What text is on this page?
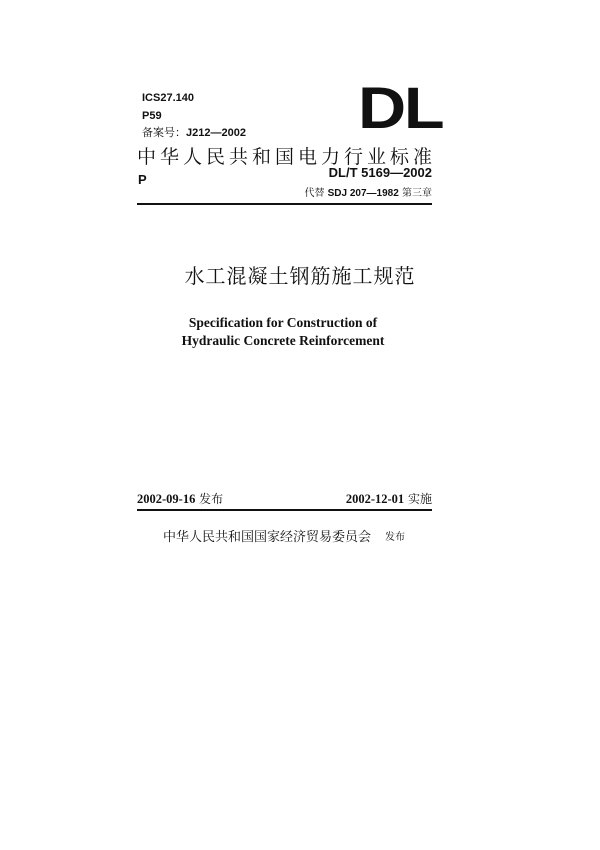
ICS27.140
P59
备案号：J212—2002 DL
中华人民共和国电力行业标准
DL/T 5169—2002
P
代替 SDJ 207—1982 第三章
水工混凝土钢筋施工规范
Specification for Construction of
Hydraulic Concrete Reinforcement
2002-09-16 发布	2002-12-01 实施
中华人民共和国国家经济贸易委员会 发布
